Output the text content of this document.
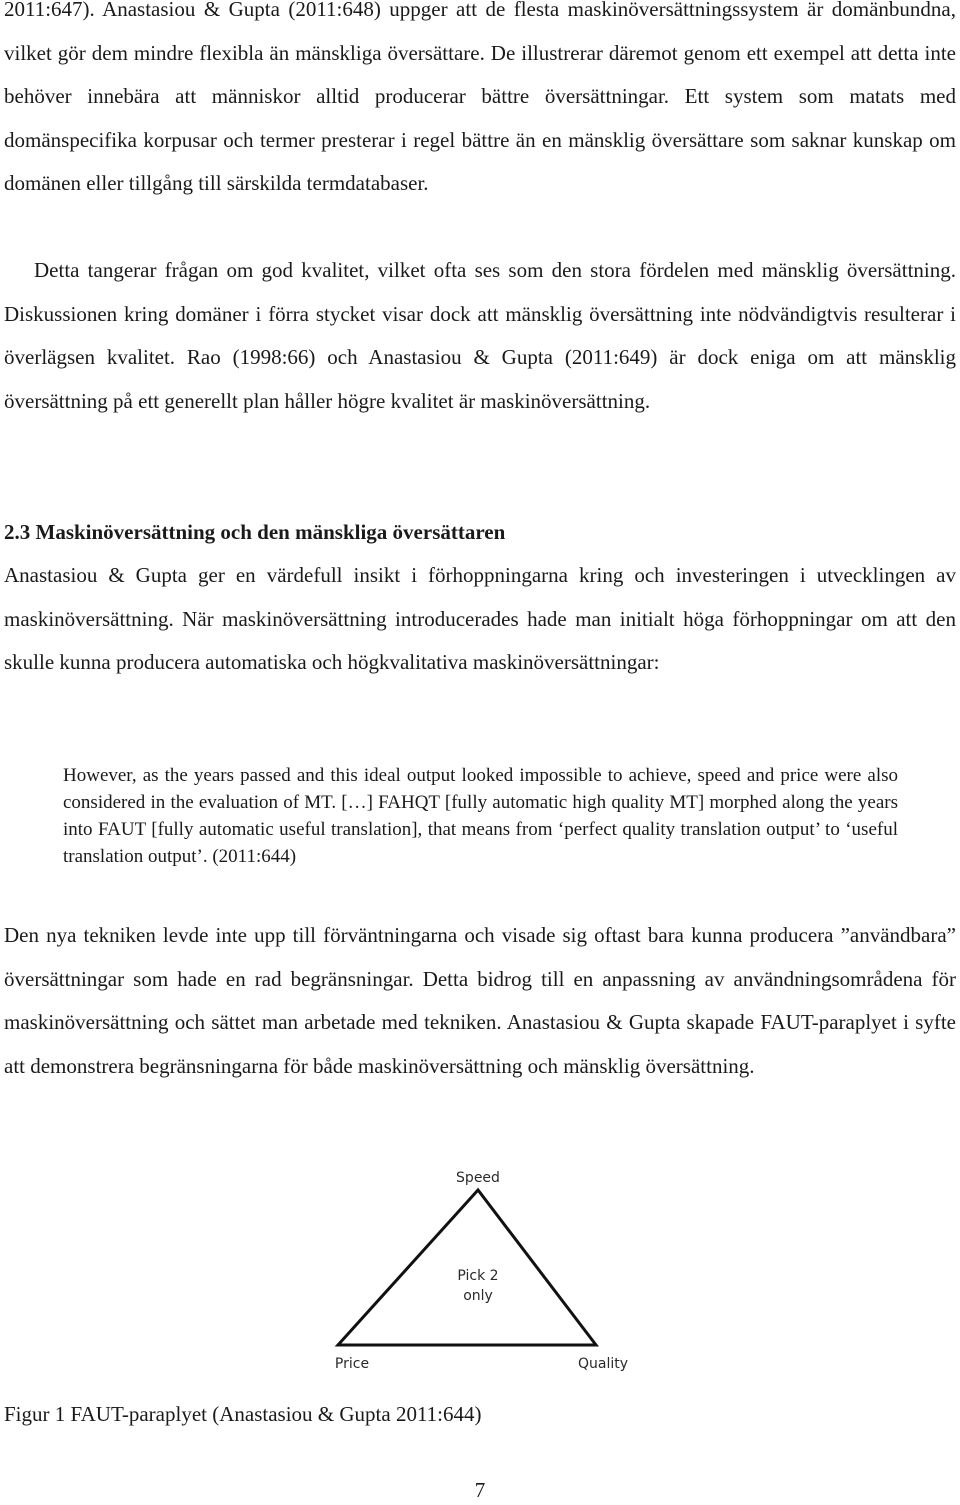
2011:647). Anastasiou & Gupta (2011:648) uppger att de flesta maskinöversättningssystem är domänbundna, vilket gör dem mindre flexibla än mänskliga översättare. De illustrerar däremot genom ett exempel att detta inte behöver innebära att människor alltid producerar bättre översättningar. Ett system som matats med domänspecifika korpusar och termer presterar i regel bättre än en mänsklig översättare som saknar kunskap om domänen eller tillgång till särskilda termdatabaser.

Detta tangerar frågan om god kvalitet, vilket ofta ses som den stora fördelen med mänsklig översättning. Diskussionen kring domäner i förra stycket visar dock att mänsklig översättning inte nödvändigtvis resulterar i överlägsen kvalitet. Rao (1998:66) och Anastasiou & Gupta (2011:649) är dock eniga om att mänsklig översättning på ett generellt plan håller högre kvalitet är maskinöversättning.

2.3 Maskinöversättning och den mänskliga översättaren

Anastasiou & Gupta ger en värdefull insikt i förhoppningarna kring och investeringen i utvecklingen av maskinöversättning. När maskinöversättning introducerades hade man initialt höga förhoppningar om att den skulle kunna producera automatiska och högkvalitativa maskinöversättningar:

However, as the years passed and this ideal output looked impossible to achieve, speed and price were also considered in the evaluation of MT. […] FAHQT [fully automatic high quality MT] morphed along the years into FAUT [fully automatic useful translation], that means from ‘perfect quality translation output’ to ‘useful translation output’. (2011:644)

Den nya tekniken levde inte upp till förväntningarna och visade sig oftast bara kunna producera ”användbara” översättningar som hade en rad begränsningar. Detta bidrog till en anpassning av användningsområdena för maskinöversättning och sättet man arbetade med tekniken. Anastasiou & Gupta skapade FAUT-paraplyet i syfte att demonstrera begränsningarna för både maskinöversättning och mänsklig översättning.

Speed
Pick 2
only
Price	Quality

Figur 1 FAUT-paraplyet (Anastasiou & Gupta 2011:644)

7
